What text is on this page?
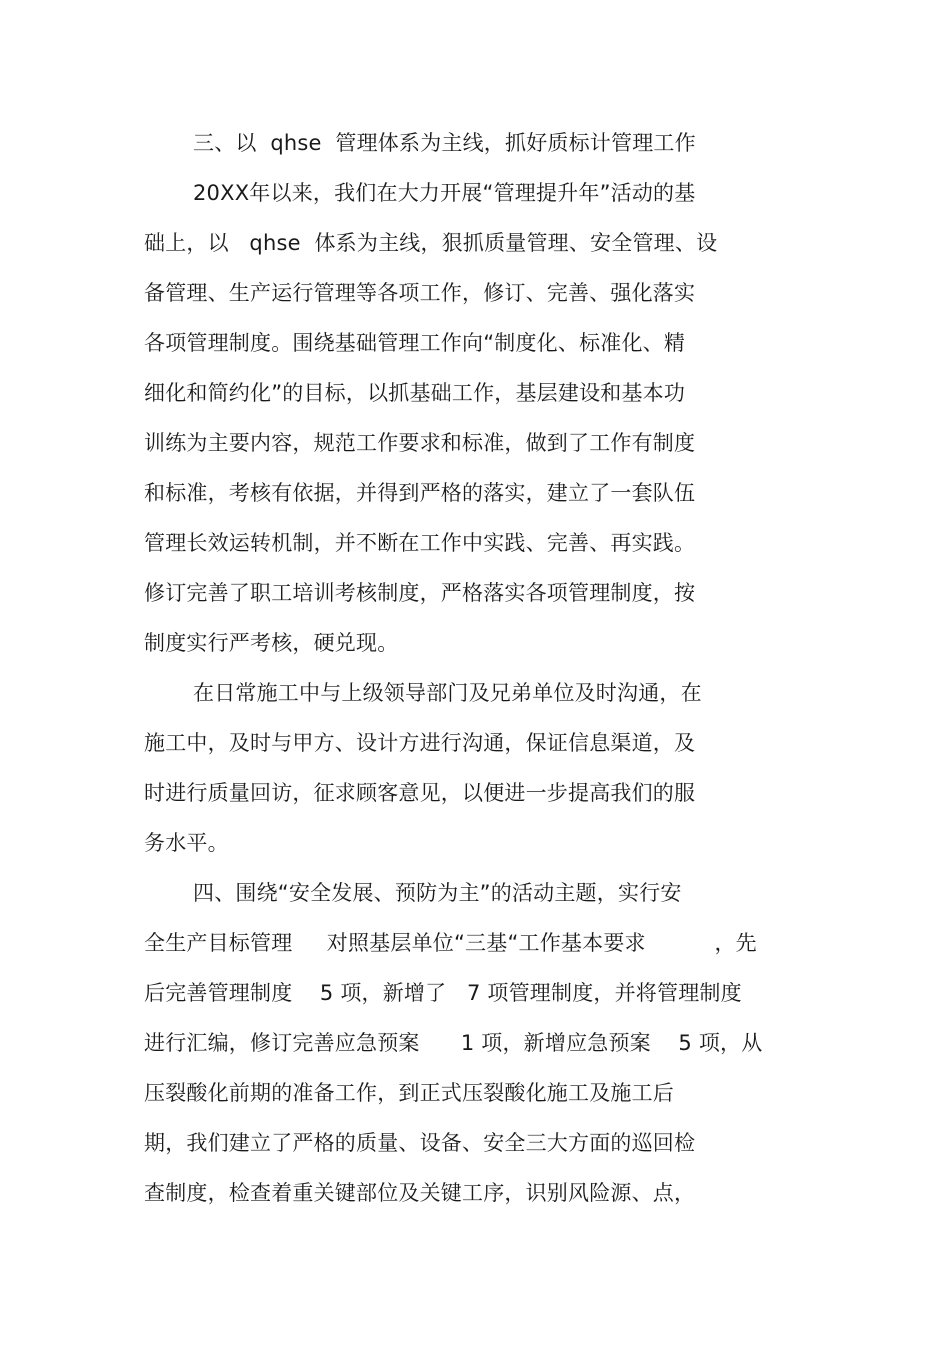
三、以  qhse  管理体系为主线，抓好质标计管理工作
20XX年以来，我们在大力开展“管理提升年”活动的基
础上，以   qhse  体系为主线，狠抓质量管理、安全管理、设
备管理、生产运行管理等各项工作，修订、完善、强化落实
各项管理制度。围绕基础管理工作向“制度化、标准化、精
细化和简约化”的目标，以抓基础工作，基层建设和基本功
训练为主要内容，规范工作要求和标准，做到了工作有制度
和标准，考核有依据，并得到严格的落实，建立了一套队伍
管理长效运转机制，并不断在工作中实践、完善、再实践。
修订完善了职工培训考核制度，严格落实各项管理制度，按
制度实行严考核，硬兑现。
在日常施工中与上级领导部门及兄弟单位及时沟通，在
施工中，及时与甲方、设计方进行沟通，保证信息渠道，及
时进行质量回访，征求顾客意见，以便进一步提高我们的服
务水平。
四、围绕“安全发展、预防为主”的活动主题，实行安
全生产目标管理     对照基层单位“三基“工作基本要求          ，先
后完善管理制度    5 项，新增了   7 项管理制度，并将管理制度
进行汇编，修订完善应急预案      1 项，新增应急预案    5 项，从
压裂酸化前期的准备工作，到正式压裂酸化施工及施工后
期，我们建立了严格的质量、设备、安全三大方面的巡回检
查制度，检查着重关键部位及关键工序，识别风险源、点，
